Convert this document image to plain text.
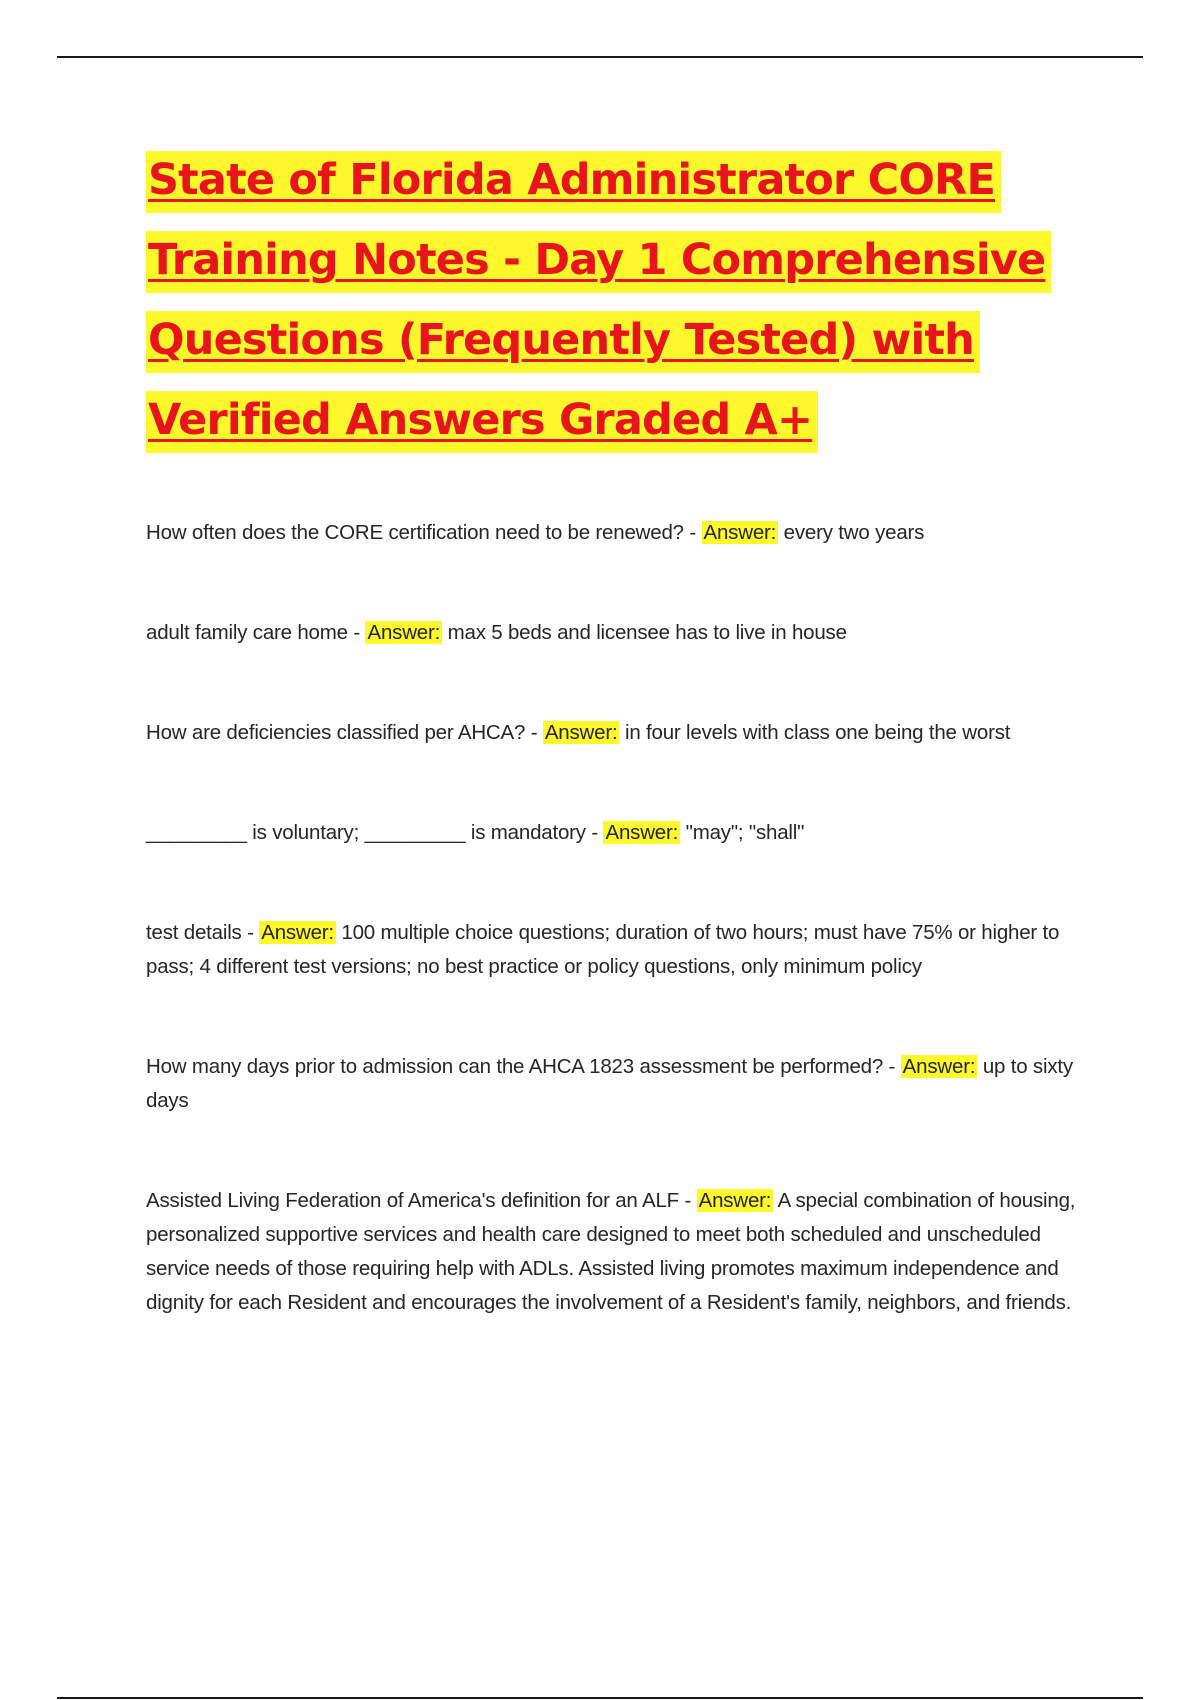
State of Florida Administrator CORE Training Notes - Day 1 Comprehensive Questions (Frequently Tested) with Verified Answers Graded A+

How often does the CORE certification need to be renewed? - Answer: every two years

adult family care home - Answer: max 5 beds and licensee has to live in house

How are deficiencies classified per AHCA? - Answer: in four levels with class one being the worst

_________ is voluntary; _________ is mandatory - Answer: "may"; "shall"

test details - Answer: 100 multiple choice questions; duration of two hours; must have 75% or higher to pass; 4 different test versions; no best practice or policy questions, only minimum policy

How many days prior to admission can the AHCA 1823 assessment be performed? - Answer: up to sixty days

Assisted Living Federation of America's definition for an ALF - Answer: A special combination of housing, personalized supportive services and health care designed to meet both scheduled and unscheduled service needs of those requiring help with ADLs. Assisted living promotes maximum independence and dignity for each Resident and encourages the involvement of a Resident's family, neighbors, and friends.
